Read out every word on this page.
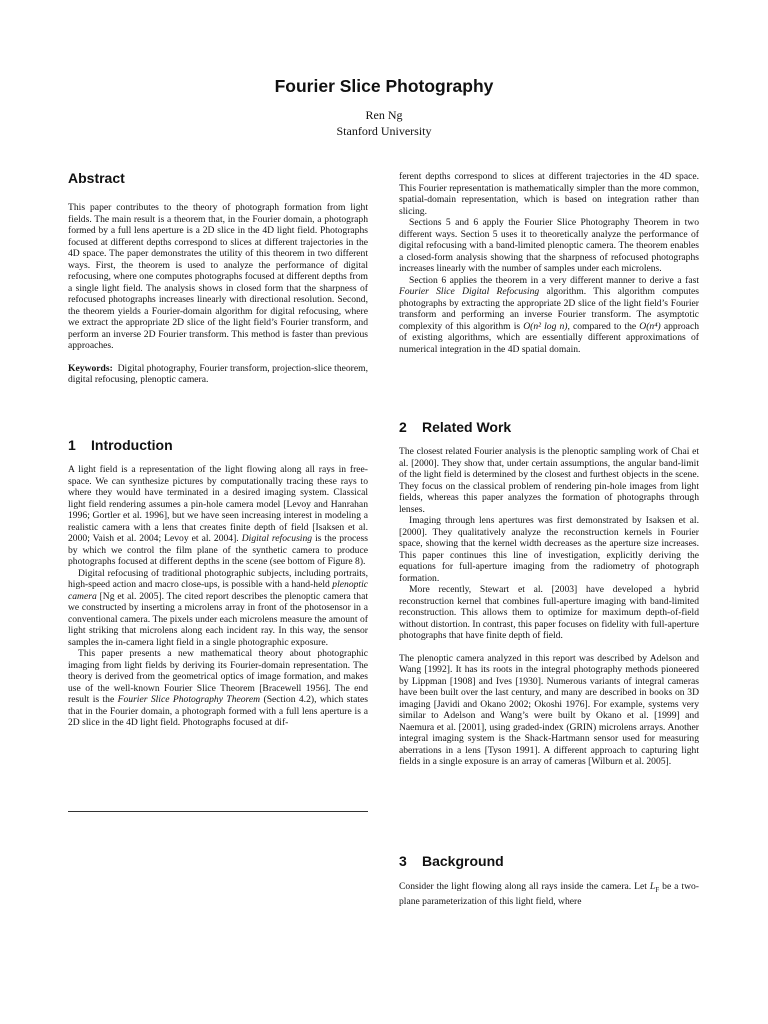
Fourier Slice Photography
Ren Ng
Stanford University
Abstract

This paper contributes to the theory of photograph formation from light fields. The main result is a theorem that, in the Fourier domain, a photograph formed by a full lens aperture is a 2D slice in the 4D light field. Photographs focused at different depths correspond to slices at different trajectories in the 4D space. The paper demonstrates the utility of this theorem in two different ways. First, the theorem is used to analyze the performance of digital refocusing, where one computes photographs focused at different depths from a single light field. The analysis shows in closed form that the sharpness of refocused photographs increases linearly with directional resolution. Second, the theorem yields a Fourier-domain algorithm for digital refocusing, where we extract the appropriate 2D slice of the light field’s Fourier transform, and perform an inverse 2D Fourier transform. This method is faster than previous approaches.

Keywords: Digital photography, Fourier transform, projection-slice theorem, digital refocusing, plenoptic camera.

1 Introduction

A light field is a representation of the light flowing along all rays in free-space. We can synthesize pictures by computationally tracing these rays to where they would have terminated in a desired imaging system. Classical light field rendering assumes a pin-hole camera model [Levoy and Hanrahan 1996; Gortler et al. 1996], but we have seen increasing interest in modeling a realistic camera with a lens that creates finite depth of field [Isaksen et al. 2000; Vaish et al. 2004; Levoy et al. 2004]. Digital refocusing is the process by which we control the film plane of the synthetic camera to produce photographs focused at different depths in the scene (see bottom of Figure 8).

Digital refocusing of traditional photographic subjects, including portraits, high-speed action and macro close-ups, is possible with a hand-held plenoptic camera [Ng et al. 2005]. The cited report describes the plenoptic camera that we constructed by inserting a microlens array in front of the photosensor in a conventional camera. The pixels under each microlens measure the amount of light striking that microlens along each incident ray. In this way, the sensor samples the in-camera light field in a single photographic exposure.

This paper presents a new mathematical theory about photographic imaging from light fields by deriving its Fourier-domain representation. The theory is derived from the geometrical optics of image formation, and makes use of the well-known Fourier Slice Theorem [Bracewell 1956]. The end result is the Fourier Slice Photography Theorem (Section 4.2), which states that in the Fourier domain, a photograph formed with a full lens aperture is a 2D slice in the 4D light field. Photographs focused at dif-

ferent depths correspond to slices at different trajectories in the 4D space. This Fourier representation is mathematically simpler than the more common, spatial-domain representation, which is based on integration rather than slicing.

Sections 5 and 6 apply the Fourier Slice Photography Theorem in two different ways. Section 5 uses it to theoretically analyze the performance of digital refocusing with a band-limited plenoptic camera. The theorem enables a closed-form analysis showing that the sharpness of refocused photographs increases linearly with the number of samples under each microlens.

Section 6 applies the theorem in a very different manner to derive a fast Fourier Slice Digital Refocusing algorithm. This algorithm computes photographs by extracting the appropriate 2D slice of the light field’s Fourier transform and performing an inverse Fourier transform. The asymptotic complexity of this algorithm is O(n² log n), compared to the O(n⁴) approach of existing algorithms, which are essentially different approximations of numerical integration in the 4D spatial domain.

2 Related Work

The closest related Fourier analysis is the plenoptic sampling work of Chai et al. [2000]. They show that, under certain assumptions, the angular band-limit of the light field is determined by the closest and furthest objects in the scene. They focus on the classical problem of rendering pin-hole images from light fields, whereas this paper analyzes the formation of photographs through lenses.

Imaging through lens apertures was first demonstrated by Isaksen et al. [2000]. They qualitatively analyze the reconstruction kernels in Fourier space, showing that the kernel width decreases as the aperture size increases. This paper continues this line of investigation, explicitly deriving the equations for full-aperture imaging from the radiometry of photograph formation.

More recently, Stewart et al. [2003] have developed a hybrid reconstruction kernel that combines full-aperture imaging with band-limited reconstruction. This allows them to optimize for maximum depth-of-field without distortion. In contrast, this paper focuses on fidelity with full-aperture photographs that have finite depth of field.

The plenoptic camera analyzed in this report was described by Adelson and Wang [1992]. It has its roots in the integral photography methods pioneered by Lippman [1908] and Ives [1930]. Numerous variants of integral cameras have been built over the last century, and many are described in books on 3D imaging [Javidi and Okano 2002; Okoshi 1976]. For example, systems very similar to Adelson and Wang’s were built by Okano et al. [1999] and Naemura et al. [2001], using graded-index (GRIN) microlens arrays. Another integral imaging system is the Shack-Hartmann sensor used for measuring aberrations in a lens [Tyson 1991]. A different approach to capturing light fields in a single exposure is an array of cameras [Wilburn et al. 2005].

3 Background

Consider the light flowing along all rays inside the camera. Let $L_F$ be a two-plane parameterization of this light field, where
